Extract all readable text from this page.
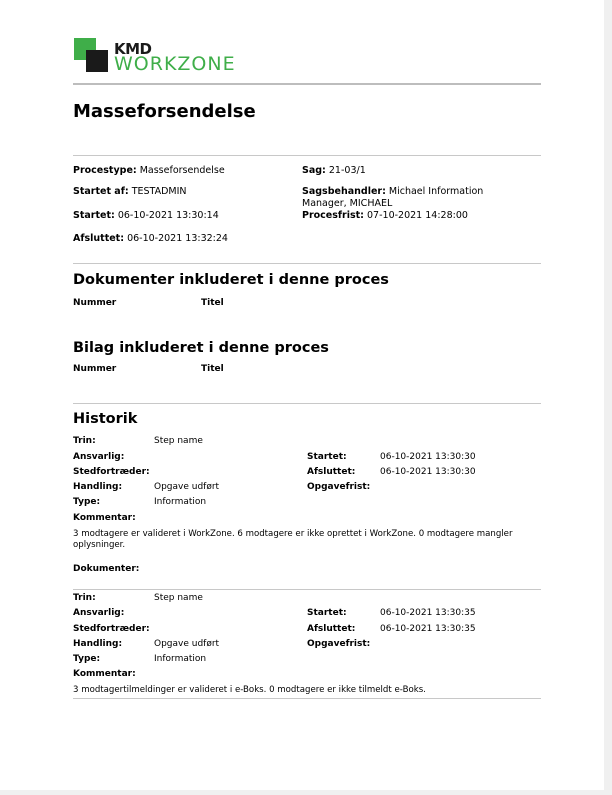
KMD
WORKZONE
Masseforsendelse
Procestype: Masseforsendelse	Sag: 21-03/1
Startet af: TESTADMIN	Sagsbehandler: Michael Information
Manager, MICHAEL
Startet: 06-10-2021 13:30:14	Procesfrist: 07-10-2021 14:28:00
Afsluttet: 06-10-2021 13:32:24
Dokumenter inkluderet i denne proces
Nummer	Titel
Bilag inkluderet i denne proces
Nummer	Titel
Historik
Trin:	Step name
Ansvarlig:	Startet:	06-10-2021 13:30:30
Stedfortræder:	Afsluttet:	06-10-2021 13:30:30
Handling:	Opgave udført	Opgavefrist:
Type:	Information
Kommentar:
3 modtagere er valideret i WorkZone. 6 modtagere er ikke oprettet i WorkZone. 0 modtagere mangler
oplysninger.
Dokumenter:
Trin:	Step name
Ansvarlig:	Startet:	06-10-2021 13:30:35
Stedfortræder:	Afsluttet:	06-10-2021 13:30:35
Handling:	Opgave udført	Opgavefrist:
Type:	Information
Kommentar:
3 modtagertilmeldinger er valideret i e-Boks. 0 modtagere er ikke tilmeldt e-Boks.
